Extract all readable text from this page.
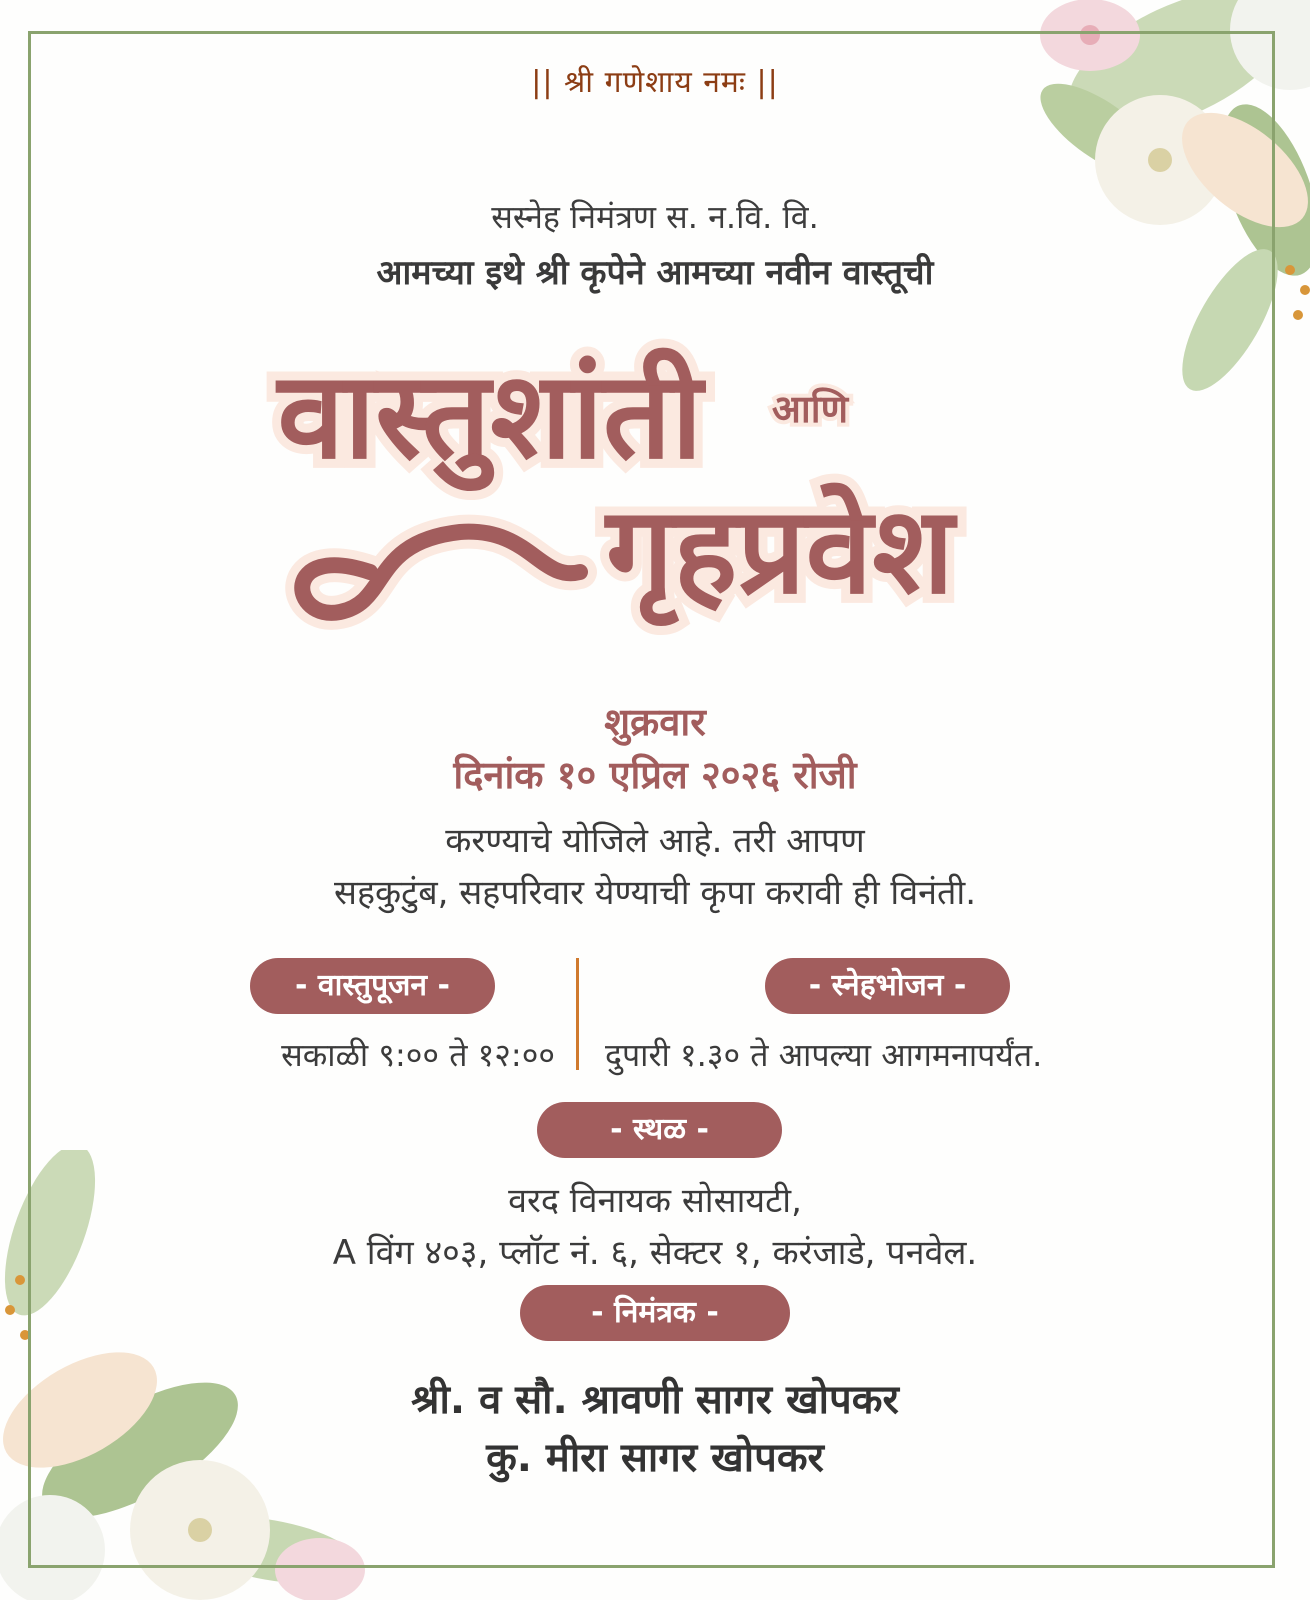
|| श्री गणेशाय नमः ||
सस्नेह निमंत्रण स. न.वि. वि.
आमच्या इथे श्री कृपेने आमच्या नवीन वास्तूची
वास्तुशांती आणि
गृहप्रवेश
शुक्रवार
दिनांक १० एप्रिल २०२६ रोजी
करण्याचे योजिले आहे. तरी आपण
सहकुटुंब, सहपरिवार येण्याची कृपा करावी ही विनंती.
- वास्तुपूजन -	- स्नेहभोजन -
सकाळी ९:०० ते १२:०० दुपारी १.३० ते आपल्या आगमनापर्यंत.
- स्थळ -
वरद विनायक सोसायटी,
A विंग ४०३, प्लॉट नं. ६, सेक्टर १, करंजाडे, पनवेल.
- निमंत्रक -
श्री. व सौ. श्रावणी सागर खोपकर
कु. मीरा सागर खोपकर
